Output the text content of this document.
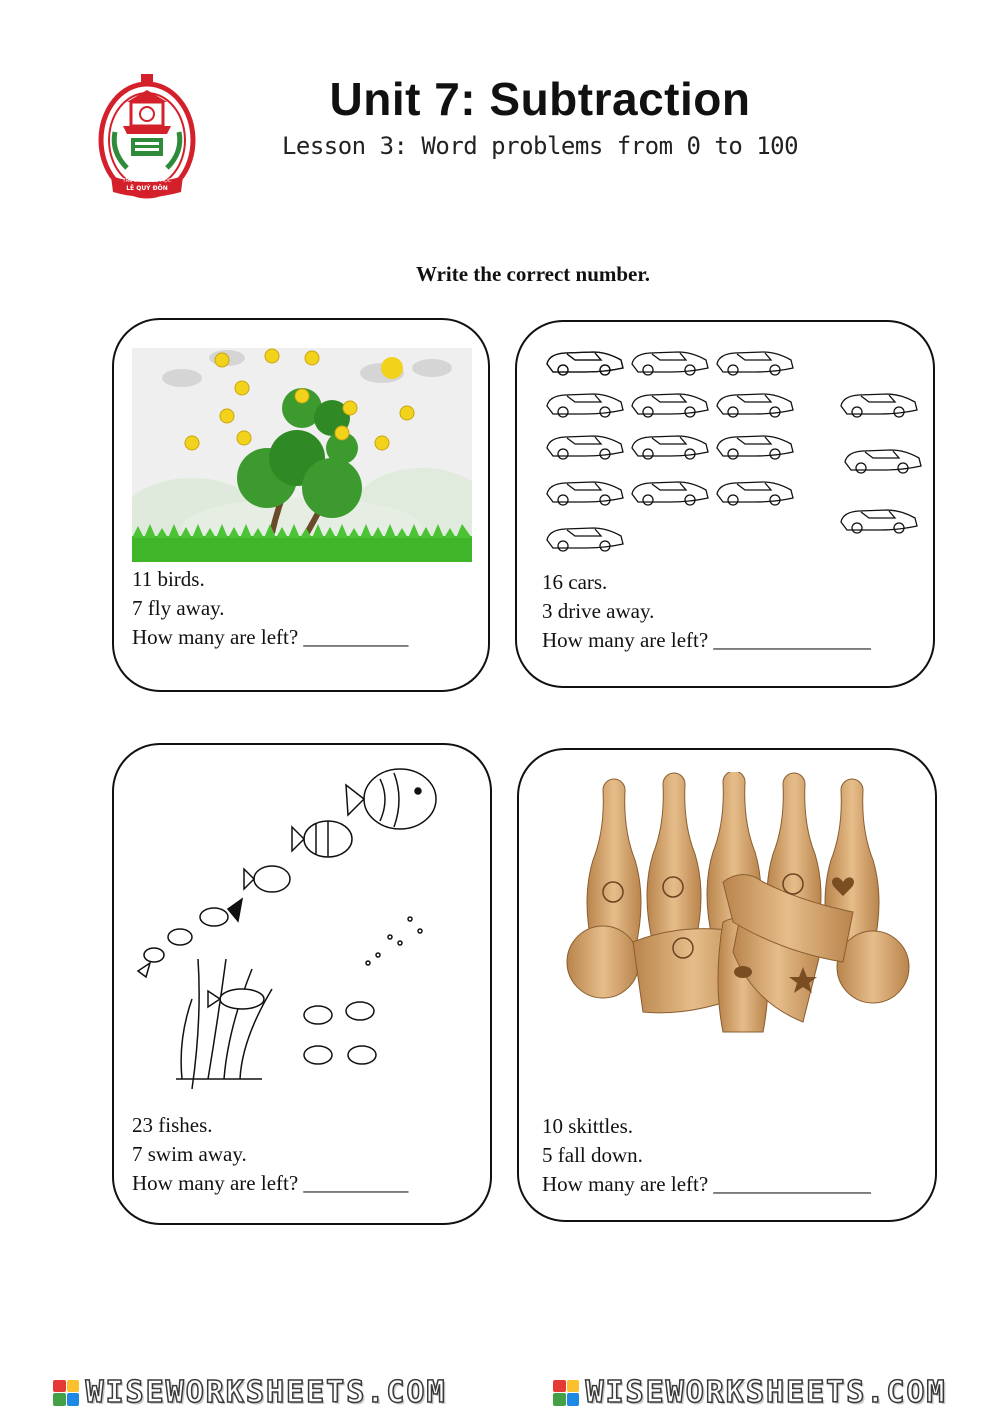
TRƯỜNG TIỂU HỌC
LÊ QUÝ ĐÔN
Unit 7: Subtraction
Lesson 3: Word problems from 0 to 100
Write the correct number.
11 birds.
7 fly away.
How many are left? __________
16 cars.
3 drive away.
How many are left? _______________
23 fishes.
7 swim away.
How many are left? __________
10 skittles.
5 fall down.
How many are left? _______________
WISEWORKSHEETS.COM	WISEWORKSHEETS.COM
